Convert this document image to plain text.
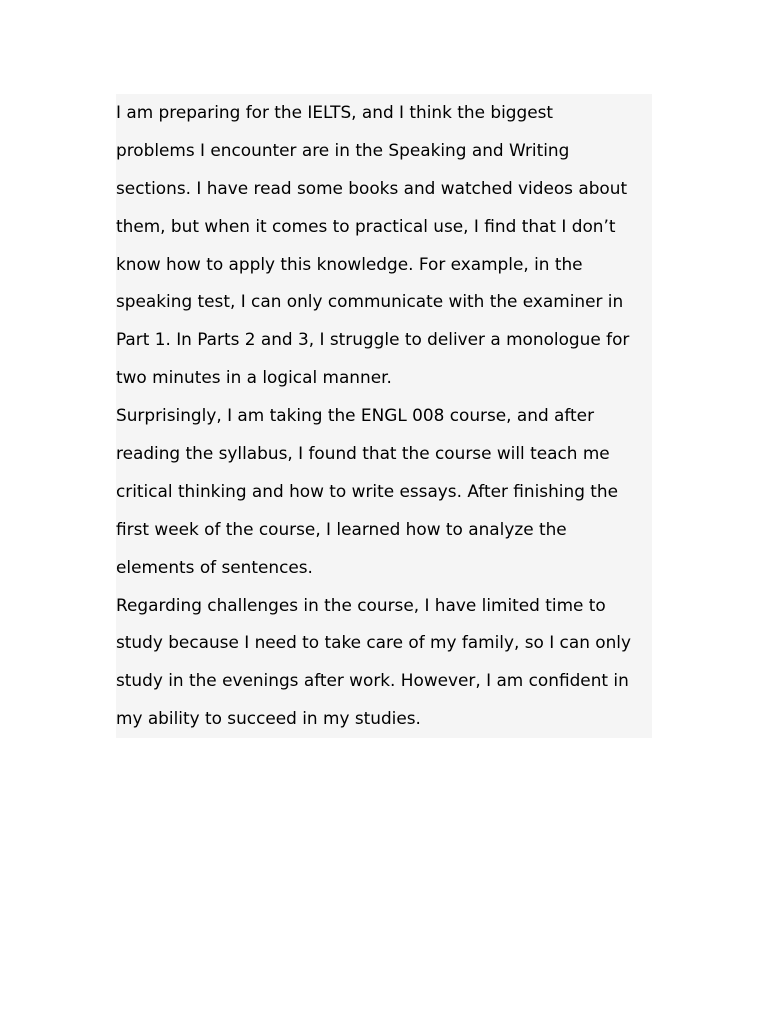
I am preparing for the IELTS, and I think the biggest
problems I encounter are in the Speaking and Writing
sections. I have read some books and watched videos about
them, but when it comes to practical use, I find that I don’t
know how to apply this knowledge. For example, in the
speaking test, I can only communicate with the examiner in
Part 1. In Parts 2 and 3, I struggle to deliver a monologue for
two minutes in a logical manner.

Surprisingly, I am taking the ENGL 008 course, and after
reading the syllabus, I found that the course will teach me
critical thinking and how to write essays. After finishing the
first week of the course, I learned how to analyze the
elements of sentences.

Regarding challenges in the course, I have limited time to
study because I need to take care of my family, so I can only
study in the evenings after work. However, I am confident in
my ability to succeed in my studies.
